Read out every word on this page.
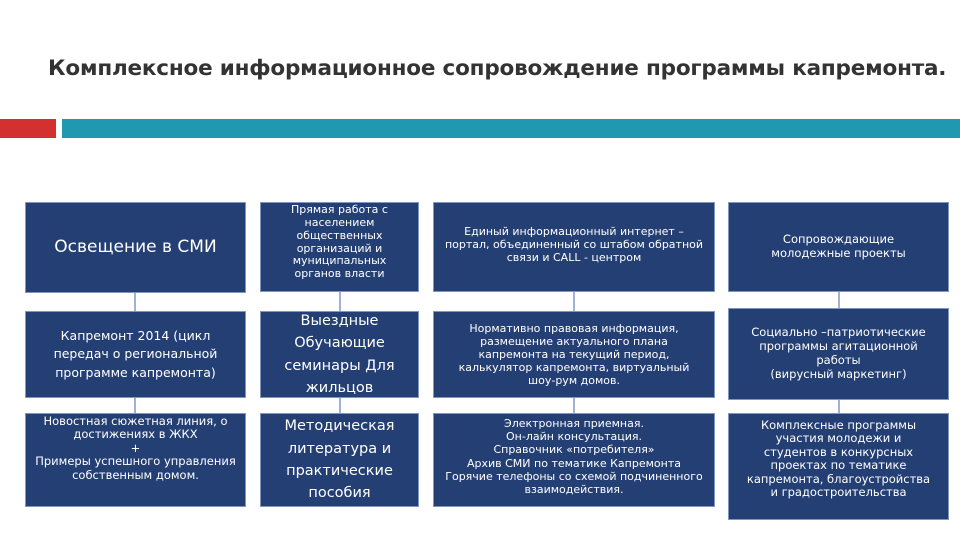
Комплексное информационное сопровождение программы капремонта.
Освещение в СМИ
Капремонт 2014 (цикл передач о региональной программе капремонта)
Новостная сюжетная линия, о достижениях в ЖКХ
+
Примеры успешного управления собственным домом.
Прямая работа с населением общественных организаций и муниципальных органов власти
Выездные Обучающие семинары Для жильцов
Методическая литература и практические пособия
Единый информационный интернет – портал, объединенный со штабом обратной связи и CALL - центром
Нормативно правовая информация, размещение актуального плана капремонта на текущий период, калькулятор капремонта, виртуальный шоу-рум домов.
Электронная приемная.
Он-лайн консультация.
Справочник «потребителя»
Архив СМИ по тематике Капремонта
Горячие телефоны со схемой подчиненного взаимодействия.
Сопровождающие молодежные проекты
Социально –патриотические программы агитационной работы
(вирусный маркетинг)
Комплексные программы участия молодежи и студентов в конкурсных проектах по тематике капремонта, благоустройства и градостроительства
